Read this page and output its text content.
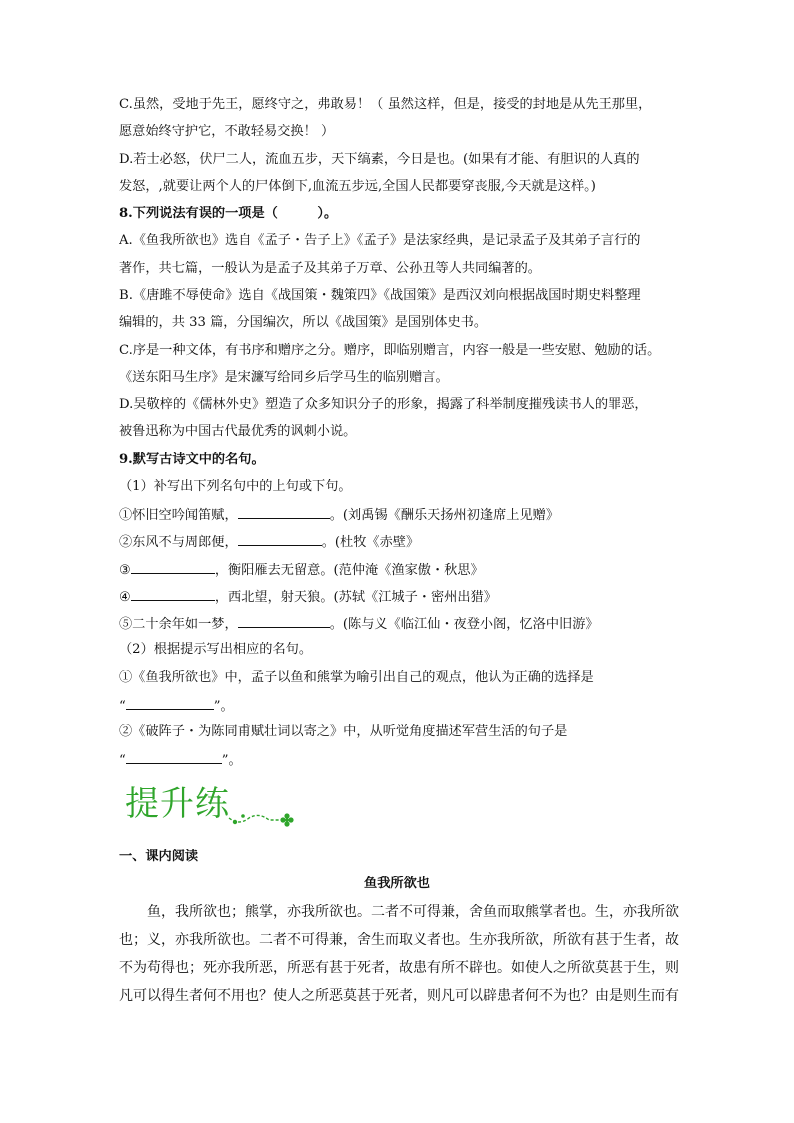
C.虽然，受地于先王，愿终守之，弗敢易！（ 虽然这样，但是，接受的封地是从先王那里，
愿意始终守护它，不敢轻易交换！ ）
D.若士必怒，伏尸二人，流血五步，天下缟素，今日是也。(如果有才能、有胆识的人真的
发怒，,就要让两个人的尸体倒下,血流五步远,全国人民都要穿丧服,今天就是这样。)
8.下列说法有误的一项是（　　　）。
A.《鱼我所欲也》选自《孟子・告子上》《孟子》是法家经典，是记录孟子及其弟子言行的
著作，共七篇，一般认为是孟子及其弟子万章、公孙丑等人共同编著的。
B.《唐雎不辱使命》选自《战国策・魏策四》《战国策》是西汉刘向根据战国时期史料整理
编辑的，共 33 篇，分国编次，所以《战国策》是国别体史书。
C.序是一种文体，有书序和赠序之分。赠序，即临别赠言，内容一般是一些安慰、勉励的话。
《送东阳马生序》是宋濂写给同乡后学马生的临别赠言。
D.吴敬梓的《儒林外史》塑造了众多知识分子的形象，揭露了科举制度摧残读书人的罪恶，
被鲁迅称为中国古代最优秀的讽刺小说。
9.默写古诗文中的名句。
（1）补写出下列名句中的上句或下句。
①怀旧空吟闻笛赋，	。(刘禹锡《酬乐天扬州初逢席上见赠》
②东风不与周郎便，	。(杜牧《赤壁》
③	，衡阳雁去无留意。(范仲淹《渔家傲・秋思》
④	，西北望，射天狼。(苏轼《江城子・密州出猎》
⑤二十余年如一梦，	。(陈与义《临江仙・夜登小阁，忆洛中旧游》
（2）根据提示写出相应的名句。
①《鱼我所欲也》中，孟子以鱼和熊掌为喻引出自己的观点，他认为正确的选择是
“	”。
②《破阵子・为陈同甫赋壮词以寄之》中，从听觉角度描述军营生活的句子是
“	”。
提升练
一、课内阅读
鱼我所欲也
　　鱼，我所欲也；熊掌，亦我所欲也。二者不可得兼，舍鱼而取熊掌者也。生，亦我所欲
也；义，亦我所欲也。二者不可得兼，舍生而取义者也。生亦我所欲，所欲有甚于生者，故
不为苟得也；死亦我所恶，所恶有甚于死者，故患有所不辟也。如使人之所欲莫甚于生，则
凡可以得生者何不用也？使人之所恶莫甚于死者，则凡可以辟患者何不为也？由是则生而有
